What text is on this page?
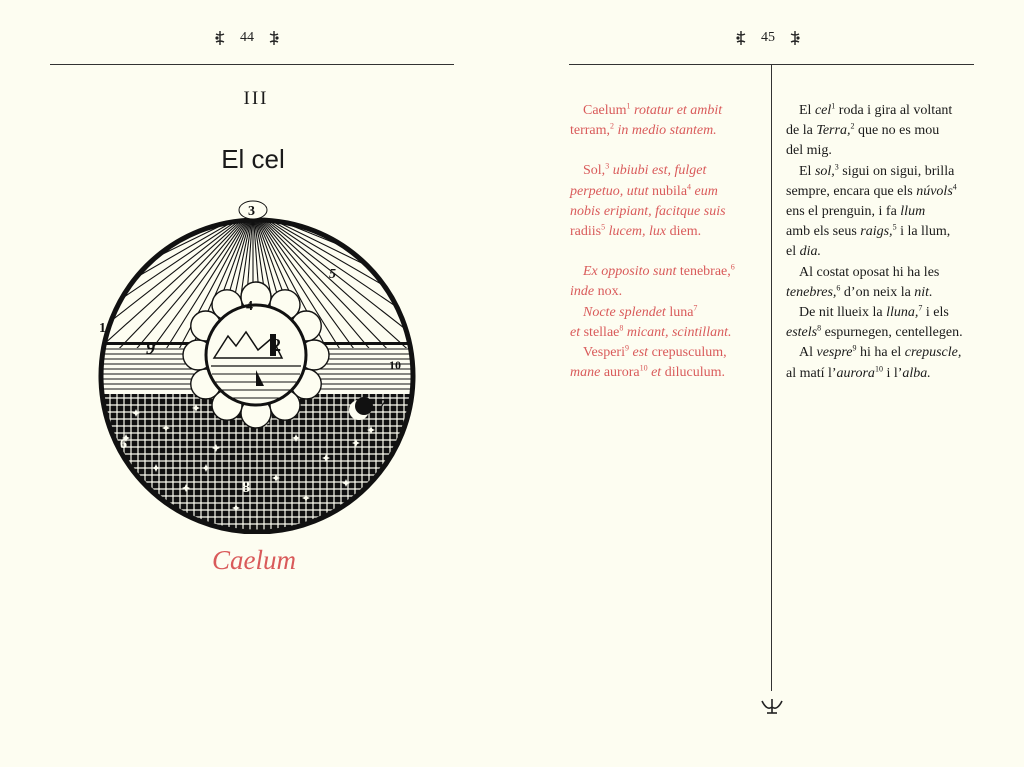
44
III
El cel
3
4
5
1
2
9
10
7
6
8
Caelum
45

Caelum$^1$ rotatur et ambit
terram,$^2$ in medio stantem.

Sol,$^3$ ubiubi est, fulget
perpetuo, utut nubila$^4$ eum
nobis eripiant, facitque suis
radiis$^5$ lucem, lux diem.

Ex opposito sunt tenebrae,$^6$
inde nox.

Nocte splendet luna$^7$
et stellae$^8$ micant, scintillant.

Vesperi$^9$ est crepusculum,
mane aurora$^{10}$ et diluculum.

El cel$^1$ roda i gira al voltant
de la Terra,$^2$ que no es mou
del mig.

El sol,$^3$ sigui on sigui, brilla
sempre, encara que els núvols$^4$
ens el prenguin, i fa llum
amb els seus raigs,$^5$ i la llum,
el dia.

Al costat oposat hi ha les
tenebres,$^6$ d’on neix la nit.

De nit llueix la lluna,$^7$ i els
estels$^8$ espurnegen, centellegen.

Al vespre$^9$ hi ha el crepuscle,
al matí l’aurora$^{10}$ i l’alba.
